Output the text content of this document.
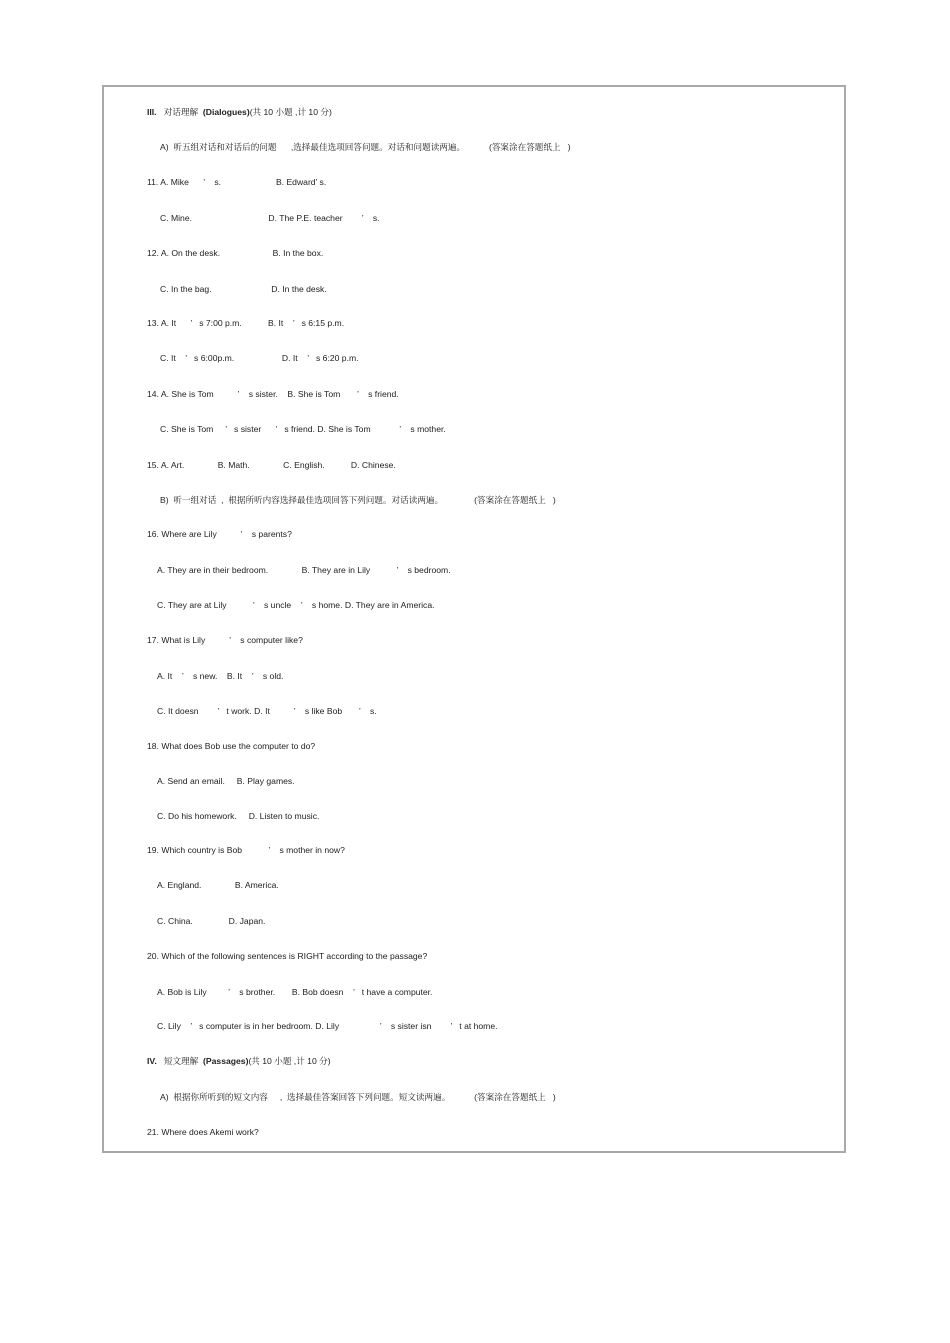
III.   对话理解  (Dialogues)(共 10 小题 ,计 10 分)
A)  听五组对话和对话后的问题      ,选择最佳选项回答问题。对话和问题读两遍。          (答案涂在答题纸上   )
11. A. Mike      ’    s.                       B. Edward’ s.
C. Mine.                                D. The P.E. teacher        ’    s.
12. A. On the desk.                      B. In the box.
C. In the bag.                         D. In the desk.
13. A. It      ’   s 7:00 p.m.           B. It    ’   s 6:15 p.m.
C. It    ’   s 6:00p.m.                    D. It    ’   s 6:20 p.m.
14. A. She is Tom          ’    s sister.    B. She is Tom       ’    s friend.
C. She is Tom     ’   s sister      ’   s friend. D. She is Tom            ’    s mother.
15. A. Art.              B. Math.              C. English.           D. Chinese.
B)  听一组对话  ,  根据所听内容选择最佳选项回答下列问题。对话读两遍。             (答案涂在答题纸上   )
16. Where are Lily          ’    s parents?
A. They are in their bedroom.              B. They are in Lily           ’    s bedroom.
C. They are at Lily           ’    s uncle    ’    s home. D. They are in America.
17. What is Lily          ’    s computer like?
A. It    ’    s new.    B. It    ’    s old.
C. It doesn        ’   t work. D. It          ’    s like Bob       ’    s.
18. What does Bob use the computer to do?
A. Send an email.     B. Play games.
C. Do his homework.     D. Listen to music.
19. Which country is Bob           ’    s mother in now?
A. England.              B. America.
C. China.               D. Japan.
20. Which of the following sentences is RIGHT according to the passage?
A. Bob is Lily         ’    s brother.       B. Bob doesn    ’   t have a computer.
C. Lily    ’   s computer is in her bedroom. D. Lily                 ’    s sister isn        ’   t at home.
IV.   短文理解  (Passages)(共 10 小题 ,计 10 分)
A)  根据你所听到的短文内容     ,  选择最佳答案回答下列问题。短文读两遍。          (答案涂在答题纸上   )
21. Where does Akemi work?
